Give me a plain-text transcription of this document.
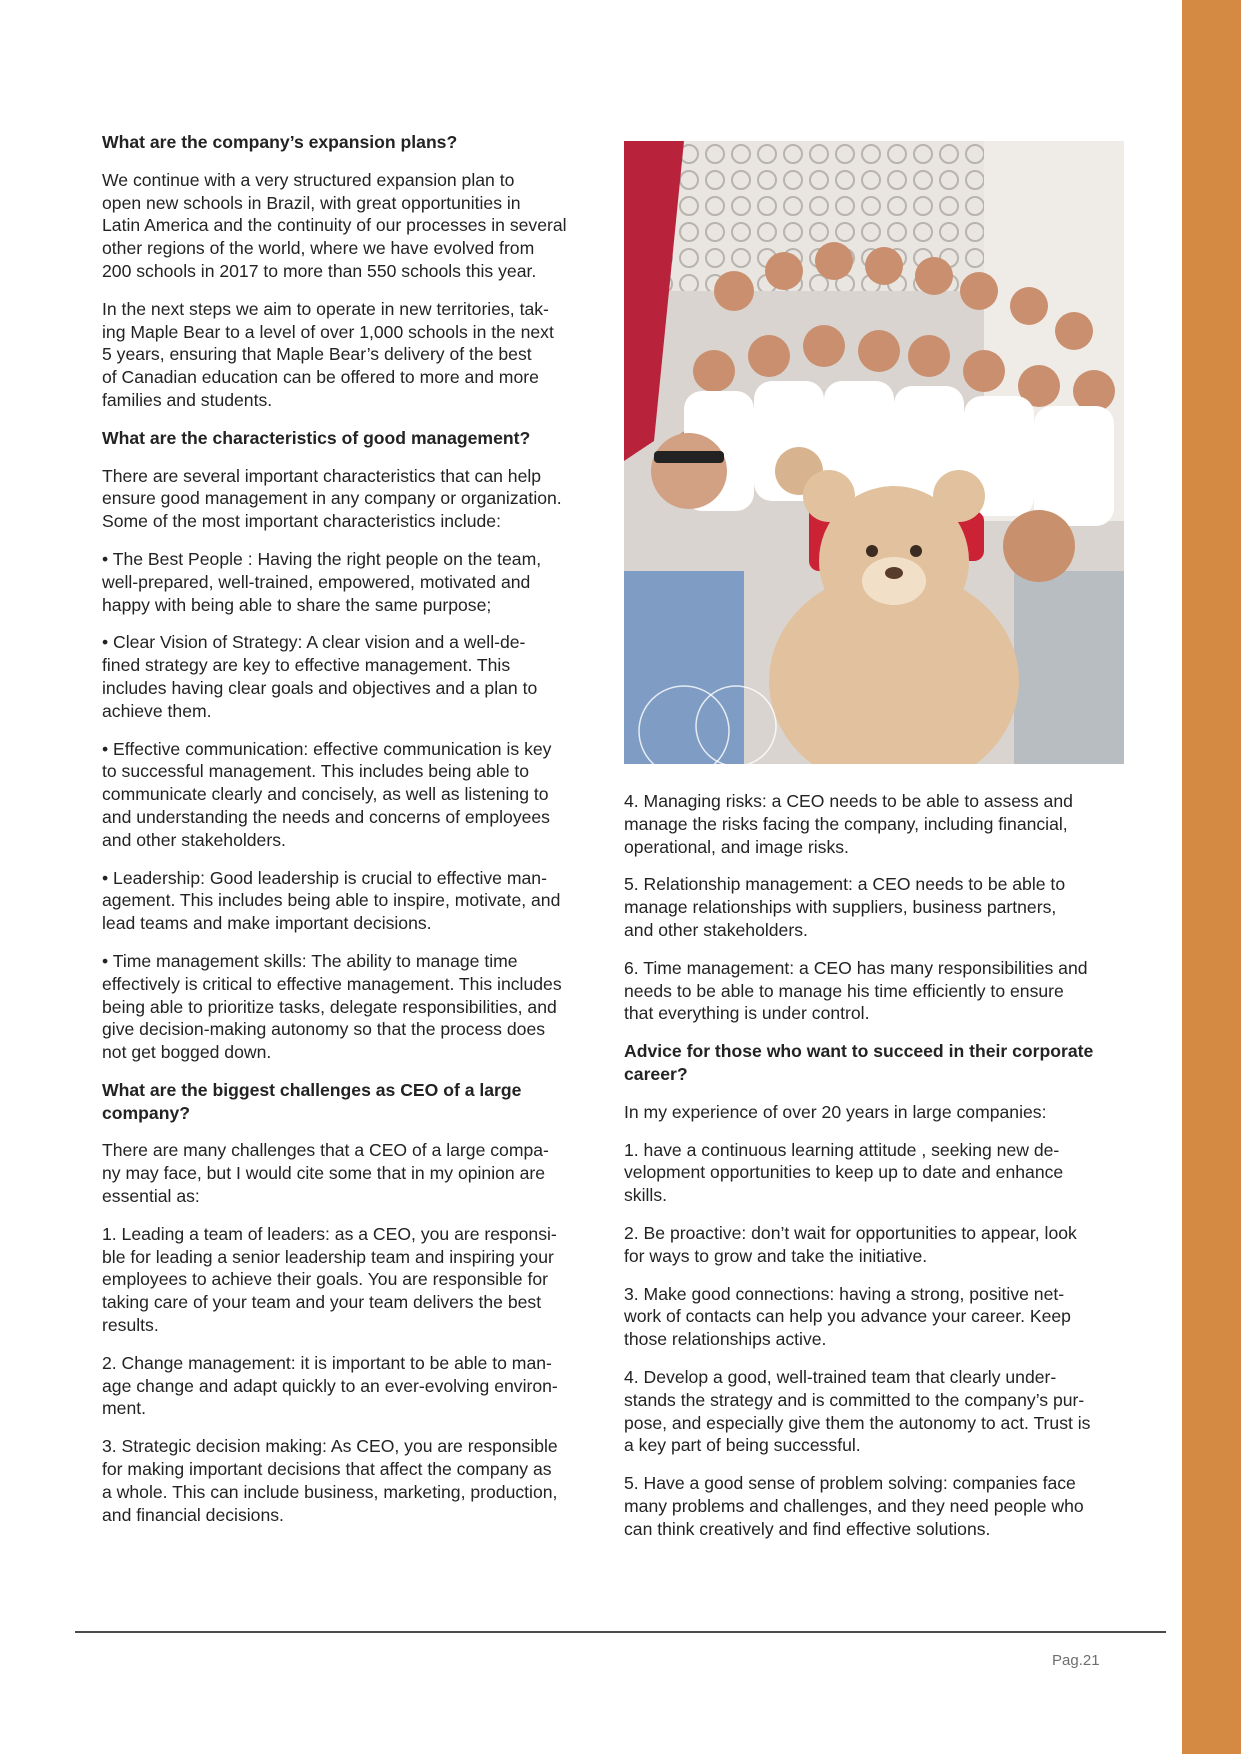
What are the company’s expansion plans?

We continue with a very structured expansion plan to
open new schools in Brazil, with great opportunities in
Latin America and the continuity of our processes in several
other regions of the world, where we have evolved from
200 schools in 2017 to more than 550 schools this year.

In the next steps we aim to operate in new territories, tak-
ing Maple Bear to a level of over 1,000 schools in the next
5 years, ensuring that Maple Bear’s delivery of the best
of Canadian education can be offered to more and more
families and students.

What are the characteristics of good management?

There are several important characteristics that can help
ensure good management in any company or organization.
Some of the most important characteristics include:

• The Best People : Having the right people on the team,
well-prepared, well-trained, empowered, motivated and
happy with being able to share the same purpose;

• Clear Vision of Strategy: A clear vision and a well-de-
fined strategy are key to effective management. This
includes having clear goals and objectives and a plan to
achieve them.

• Effective communication: effective communication is key
to successful management. This includes being able to
communicate clearly and concisely, as well as listening to
and understanding the needs and concerns of employees
and other stakeholders.

• Leadership: Good leadership is crucial to effective man-
agement. This includes being able to inspire, motivate, and
lead teams and make important decisions.

• Time management skills: The ability to manage time
effectively is critical to effective management. This includes
being able to prioritize tasks, delegate responsibilities, and
give decision-making autonomy so that the process does
not get bogged down.

What are the biggest challenges as CEO of a large
company?

There are many challenges that a CEO of a large compa-
ny may face, but I would cite some that in my opinion are
essential as:

1. Leading a team of leaders: as a CEO, you are responsi-
ble for leading a senior leadership team and inspiring your
employees to achieve their goals. You are responsible for
taking care of your team and your team delivers the best
results.

2. Change management: it is important to be able to man-
age change and adapt quickly to an ever-evolving environ-
ment.

3. Strategic decision making: As CEO, you are responsible
for making important decisions that affect the company as
a whole. This can include business, marketing, production,
and financial decisions.

4. Managing risks: a CEO needs to be able to assess and
manage the risks facing the company, including financial,
operational, and image risks.

5. Relationship management: a CEO needs to be able to
manage relationships with suppliers, business partners,
and other stakeholders.

6. Time management: a CEO has many responsibilities and
needs to be able to manage his time efficiently to ensure
that everything is under control.

Advice for those who want to succeed in their corporate
career?

In my experience of over 20 years in large companies:

1. have a continuous learning attitude , seeking new de-
velopment opportunities to keep up to date and enhance
skills.

2. Be proactive: don’t wait for opportunities to appear, look
for ways to grow and take the initiative.

3. Make good connections: having a strong, positive net-
work of contacts can help you advance your career. Keep
those relationships active.

4. Develop a good, well-trained team that clearly under-
stands the strategy and is committed to the company’s pur-
pose, and especially give them the autonomy to act. Trust is
a key part of being successful.

5. Have a good sense of problem solving: companies face
many problems and challenges, and they need people who
can think creatively and find effective solutions.

Pag.21
